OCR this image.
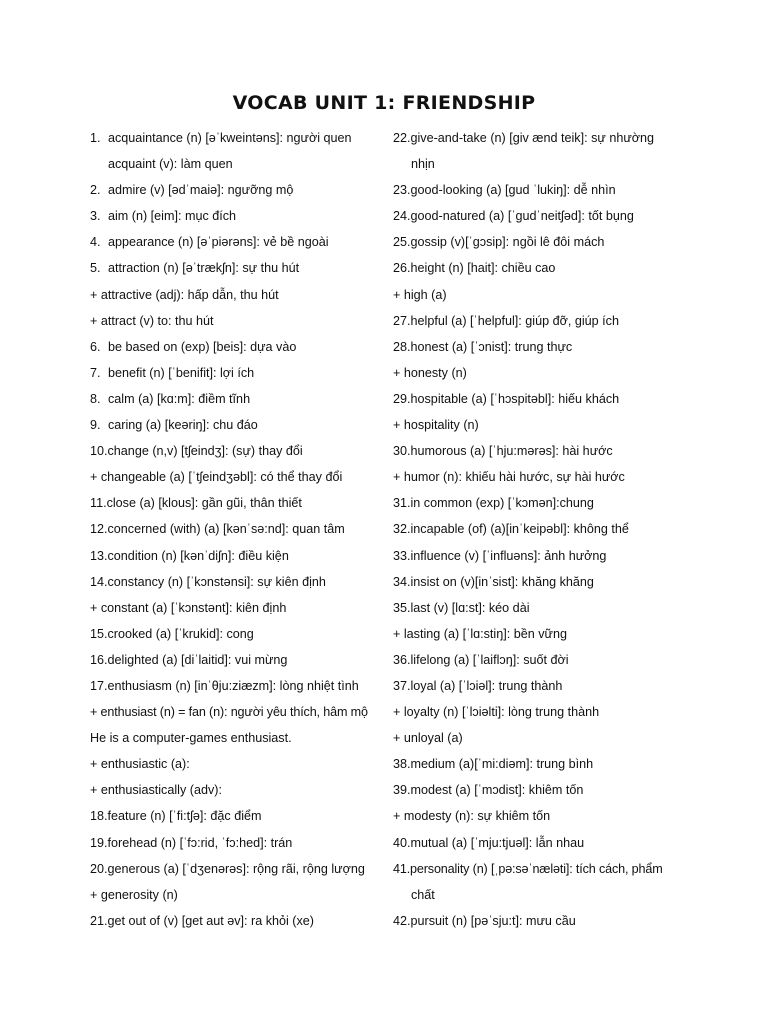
VOCAB UNIT 1: FRIENDSHIP
1. acquaintance (n) [əˈkweintəns]: người quen
acquaint (v): làm quen
2. admire (v) [ədˈmaiə]: ngưỡng mộ
3. aim (n) [eim]: mục đích
4. appearance (n) [əˈpiərəns]: vẻ bề ngoài
5. attraction (n) [əˈtrækʃn]: sự thu hút
+ attractive (adj): hấp dẫn, thu hút
+ attract (v) to: thu hút
6. be based on (exp) [beis]: dựa vào
7. benefit (n) [ˈbenifit]: lợi ích
8. calm (a) [kɑ:m]: điềm tĩnh
9. caring (a) [keəriŋ]: chu đáo
10.change (n,v) [tʃeindʒ]: (sự) thay đổi
+ changeable (a) [ˈtʃeindʒəbl]: có thể thay đổi
11.close (a) [klous]: gần gũi, thân thiết
12.concerned (with) (a) [kənˈsə:nd]: quan tâm
13.condition (n) [kənˈdiʃn]: điều kiện
14.constancy (n) [ˈkɔnstənsi]: sự kiên định
+ constant (a) [ˈkɔnstənt]: kiên định
15.crooked (a) [ˈkrukid]: cong
16.delighted (a) [diˈlaitid]: vui mừng
17.enthusiasm (n) [inˈθju:ziæzm]: lòng nhiệt tình
+ enthusiast (n) = fan (n): người yêu thích, hâm mộ
He is a computer-games enthusiast.
+ enthusiastic (a):
+ enthusiastically (adv):
18.feature (n) [ˈfi:tʃə]: đặc điểm
19.forehead (n) [ˈfɔ:rid, ˈfɔ:hed]: trán
20.generous (a) [ˈdʒenərəs]: rộng rãi, rộng lượng
+ generosity (n)
21.get out of (v) [get aut əv]: ra khỏi (xe)
22.give-and-take (n) [giv ænd teik]: sự nhường
nhịn
23.good-looking (a) [gud ˈlukiŋ]: dễ nhìn
24.good-natured (a) [ˈgudˈneitʃəd]: tốt bụng
25.gossip (v)[ˈgɔsip]: ngồi lê đôi mách
26.height (n) [hait]: chiều cao
+ high (a)
27.helpful (a) [ˈhelpful]: giúp đỡ, giúp ích
28.honest (a) [ˈɔnist]: trung thực
+ honesty (n)
29.hospitable (a) [ˈhɔspitəbl]: hiếu khách
+ hospitality (n)
30.humorous (a) [ˈhju:mərəs]: hài hước
+ humor (n): khiếu hài hước, sự hài hước
31.in common (exp) [ˈkɔmən]:chung
32.incapable (of) (a)[inˈkeipəbl]: không thể
33.influence (v) [ˈinfluəns]: ảnh hưởng
34.insist on (v)[inˈsist]: khăng khăng
35.last (v) [lɑ:st]: kéo dài
+ lasting (a) [ˈlɑ:stiŋ]: bền vững
36.lifelong (a) [ˈlaiflɔŋ]: suốt đời
37.loyal (a) [ˈlɔiəl]: trung thành
+ loyalty (n) [ˈlɔiəlti]: lòng trung thành
+ unloyal (a)
38.medium (a)[ˈmi:diəm]: trung bình
39.modest (a) [ˈmɔdist]: khiêm tốn
+ modesty (n): sự khiêm tốn
40.mutual (a) [ˈmju:tjuəl]: lẫn nhau
41.personality (n) [ˌpə:səˈnæləti]: tích cách, phẩm
chất
42.pursuit (n) [pəˈsju:t]: mưu cầu
